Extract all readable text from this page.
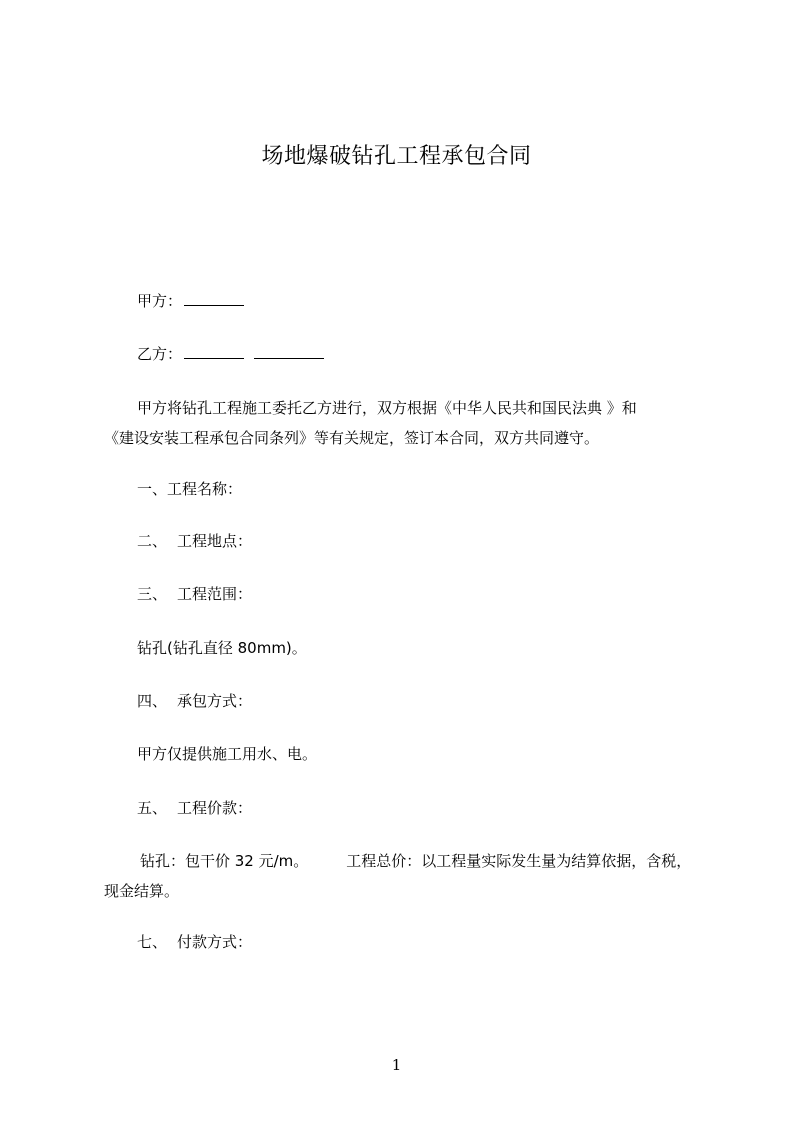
场地爆破钻孔工程承包合同
甲方：
乙方：
甲方将钻孔工程施工委托乙方进行，双方根据《中华人民共和国民法典 》和
《建设安装工程承包合同条列》等有关规定，签订本合同，双方共同遵守。
一、工程名称：
二、 工程地点：
三、 工程范围：
钻孔(钻孔直径 80mm)。
四、 承包方式：
甲方仅提供施工用水、电。
五、 工程价款：
钻孔：包干价 32 元/m。	工程总价：以工程量实际发生量为结算依据，含税，
现金结算。
七、 付款方式：
1
